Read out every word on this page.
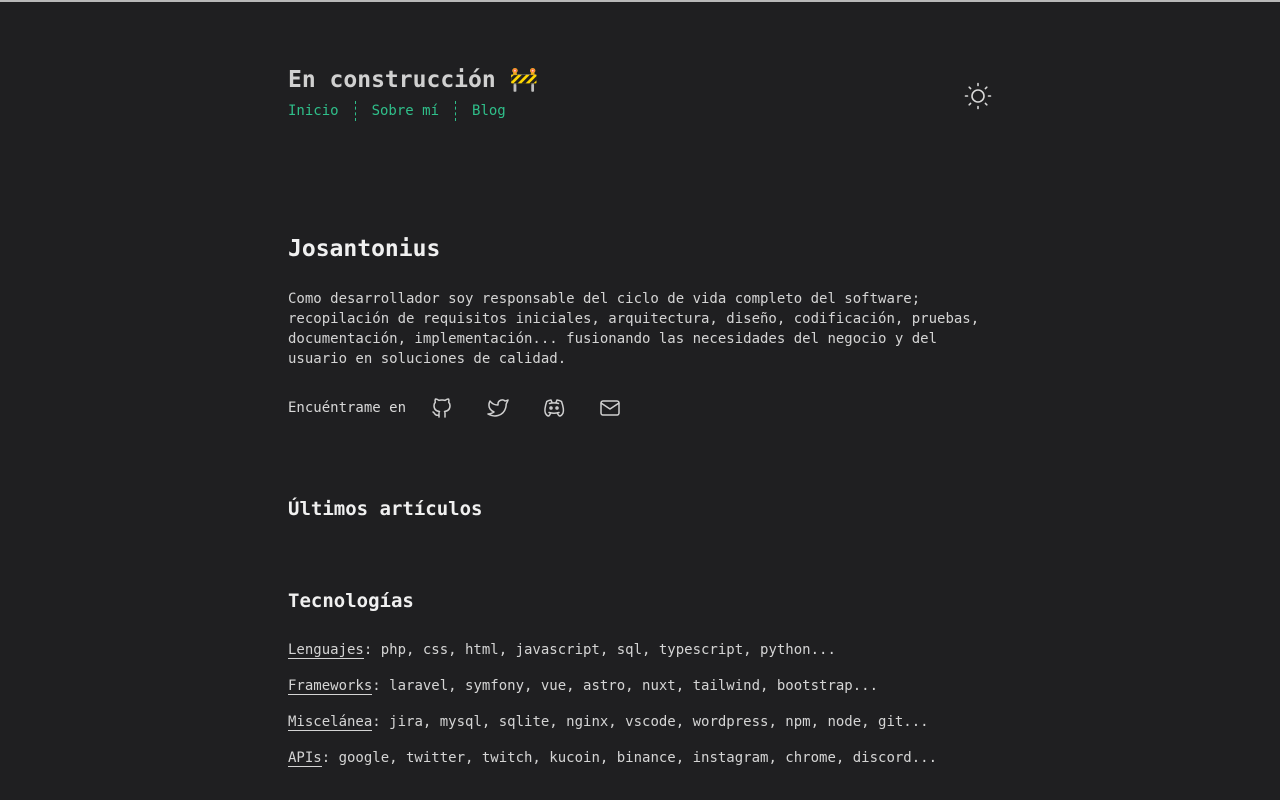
En construcción 🚧
Inicio	Sobre mí	Blog
Josantonius

Como desarrollador soy responsable del ciclo de vida completo del software; recopilación de requisitos iniciales, arquitectura, diseño, codificación, pruebas, documentación, implementación... fusionando las necesidades del negocio y del usuario en soluciones de calidad.

Encuéntrame en
Últimos artículos
Tecnologías
Lenguajes: php, css, html, javascript, sql, typescript, python...
Frameworks: laravel, symfony, vue, astro, nuxt, tailwind, bootstrap...
Miscelánea: jira, mysql, sqlite, nginx, vscode, wordpress, npm, node, git...
APIs: google, twitter, twitch, kucoin, binance, instagram, chrome, discord...
